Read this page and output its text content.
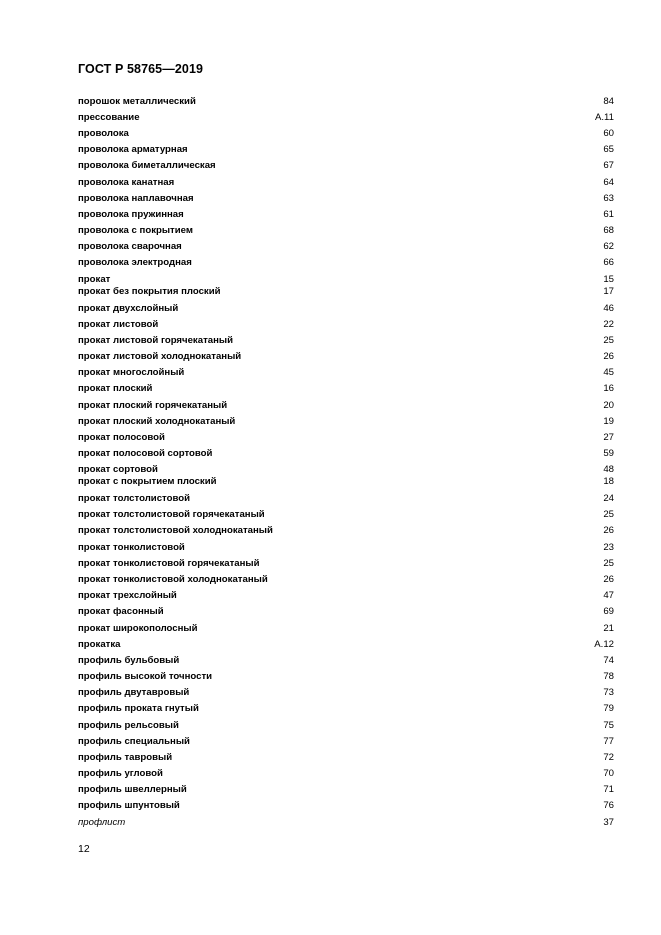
ГОСТ Р 58765—2019
порошок металлический	84
прессование	А.11
проволока	60
проволока арматурная	65
проволока биметаллическая	67
проволока канатная	64
проволока наплавочная	63
проволока пружинная	61
проволока с покрытием	68
проволока сварочная	62
проволока электродная	66
прокат	15
прокат без покрытия плоский	17
прокат двухслойный	46
прокат листовой	22
прокат листовой горячекатаный	25
прокат листовой холоднокатаный	26
прокат многослойный	45
прокат плоский	16
прокат плоский горячекатаный	20
прокат плоский холоднокатаный	19
прокат полосовой	27
прокат полосовой сортовой	59
прокат сортовой	48
прокат с покрытием плоский	18
прокат толстолистовой	24
прокат толстолистовой горячекатаный	25
прокат толстолистовой холоднокатаный	26
прокат тонколистовой	23
прокат тонколистовой горячекатаный	25
прокат тонколистовой холоднокатаный	26
прокат трехслойный	47
прокат фасонный	69
прокат широкополосный	21
прокатка	А.12
профиль бульбовый	74
профиль высокой точности	78
профиль двутавровый	73
профиль проката гнутый	79
профиль рельсовый	75
профиль специальный	77
профиль тавровый	72
профиль угловой	70
профиль швеллерный	71
профиль шпунтовый	76
профлист	37
12
